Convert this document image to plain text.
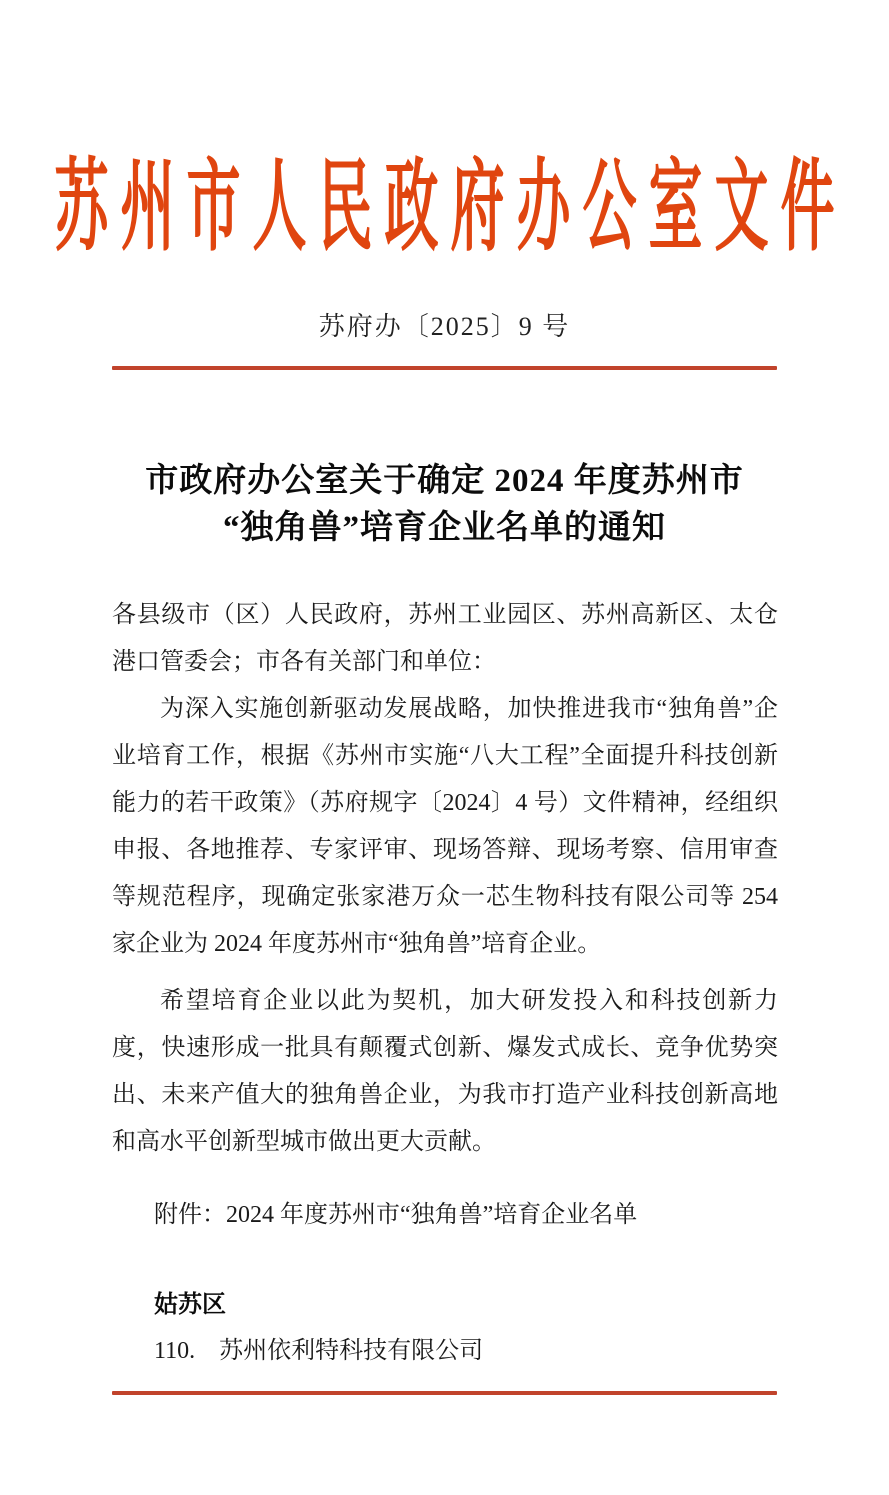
苏州市人民政府办公室文件
苏府办〔2025〕9 号
市政府办公室关于确定 2024 年度苏州市
“独角兽”培育企业名单的通知

各县级市（区）人民政府，苏州工业园区、苏州高新区、太仓港口管委会；市各有关部门和单位：

为深入实施创新驱动发展战略，加快推进我市“独角兽”企业培育工作，根据《苏州市实施“八大工程”全面提升科技创新能力的若干政策》（苏府规字〔2024〕4 号）文件精神，经组织申报、各地推荐、专家评审、现场答辩、现场考察、信用审查等规范程序，现确定张家港万众一芯生物科技有限公司等 254 家企业为 2024 年度苏州市“独角兽”培育企业。

希望培育企业以此为契机，加大研发投入和科技创新力度，快速形成一批具有颠覆式创新、爆发式成长、竞争优势突出、未来产值大的独角兽企业，为我市打造产业科技创新高地和高水平创新型城市做出更大贡献。

附件：2024 年度苏州市“独角兽”培育企业名单

姑苏区

110.　苏州依利特科技有限公司
